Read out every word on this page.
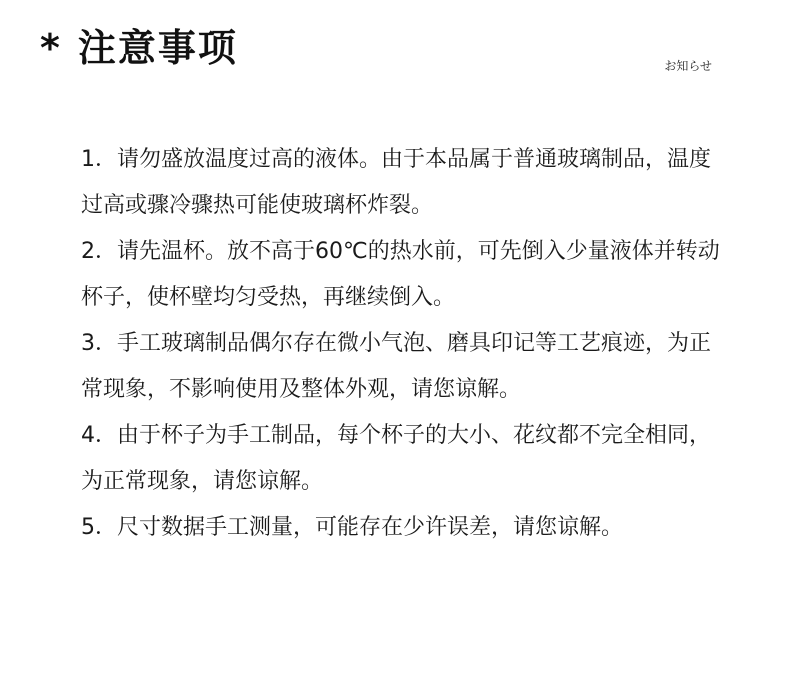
* 注意事项	お知らせ
1．请勿盛放温度过高的液体。由于本品属于普通玻璃制品，温度过高或骤冷骤热可能使玻璃杯炸裂。
2．请先温杯。放不高于60℃的热水前，可先倒入少量液体并转动杯子，使杯壁均匀受热，再继续倒入。
3．手工玻璃制品偶尔存在微小气泡、磨具印记等工艺痕迹，为正常现象，不影响使用及整体外观，请您谅解。
4．由于杯子为手工制品，每个杯子的大小、花纹都不完全相同，为正常现象，请您谅解。
5．尺寸数据手工测量，可能存在少许误差，请您谅解。
